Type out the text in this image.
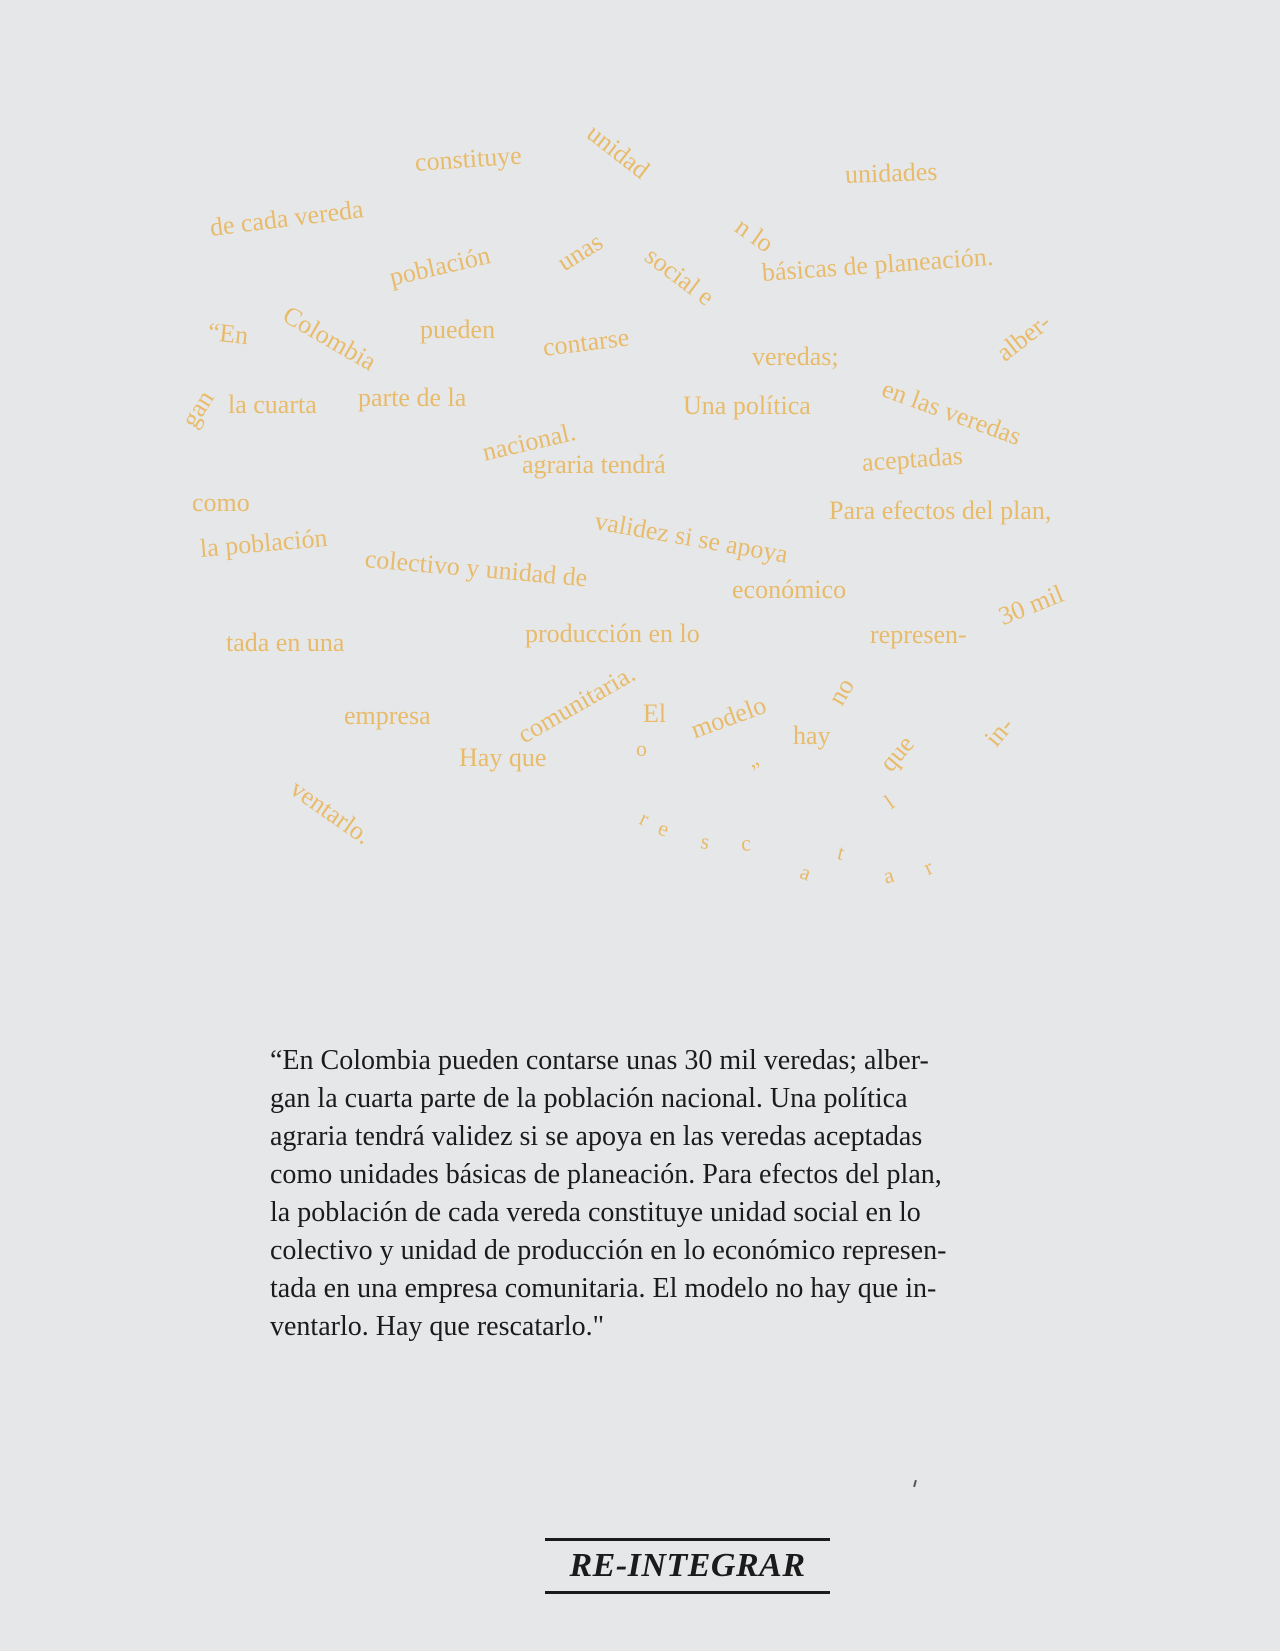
unidad
constituye	unidades
de cada vereda	n lo
población unas social e básicas de planeación.
“En Colombia pueden contarse	veredas;	alber-
en las veredas
gan la cuarta parte de la	Una política
nacional.
agraria tendrá	aceptadas
como	Para efectos del plan,
validez si se apoya
la población
colectivo y unidad de	económico	30 mil
tada en una	producción en lo	represen-
no
comunitaria. El modelo
empresa	in-
hay que
Hay que	o
”
ventarlo.	l
r e s c
a
t
a r
“En Colombia pueden contarse unas 30 mil veredas; alber-
gan la cuarta parte de la población nacional. Una política
agraria tendrá validez si se apoya en las veredas aceptadas
como unidades básicas de planeación. Para efectos del plan,
la población de cada vereda constituye unidad social en lo
colectivo y unidad de producción en lo económico represen-
tada en una empresa comunitaria. El modelo no hay que in-
ventarlo. Hay que rescatarlo."
RE-INTEGRAR
